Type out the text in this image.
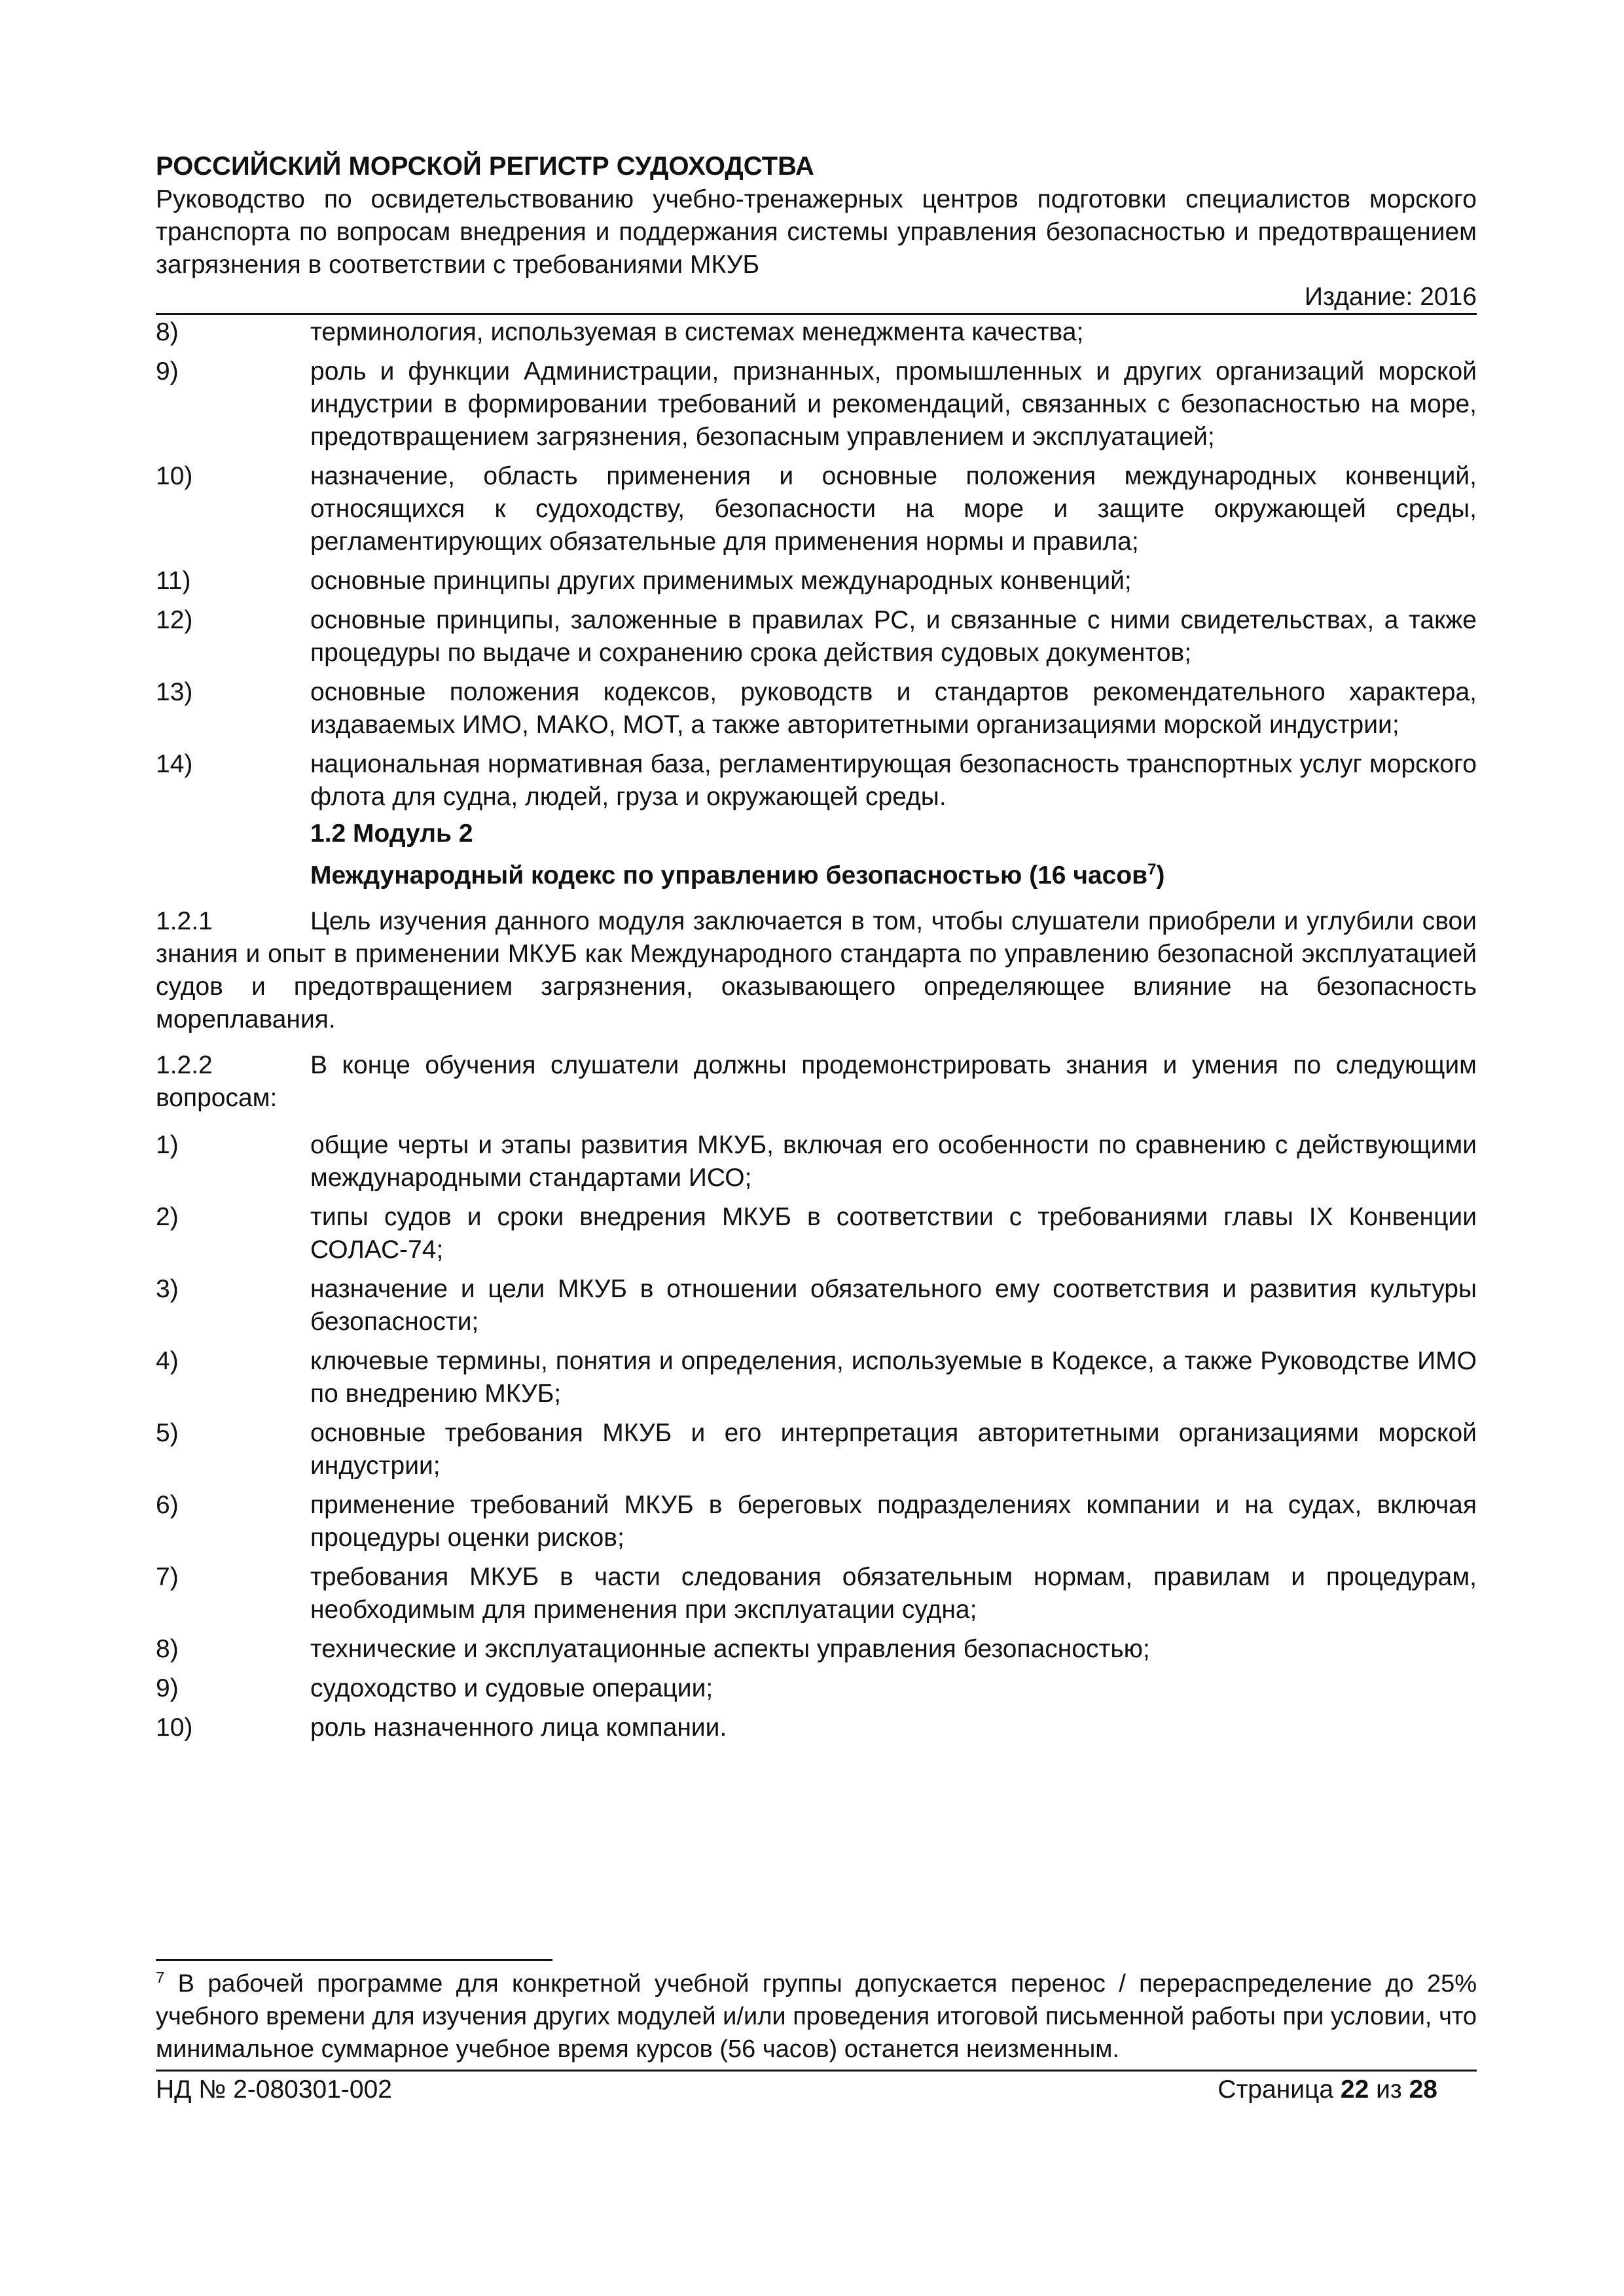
РОССИЙСКИЙ МОРСКОЙ РЕГИСТР СУДОХОДСТВА
Руководство по освидетельствованию учебно-тренажерных центров подготовки специалистов морского транспорта по вопросам внедрения и поддержания системы управления безопасностью и предотвращением загрязнения в соответствии с требованиями МКУБ
Издание: 2016
8)	терминология, используемая в системах менеджмента качества;
9)	роль и функции Администрации, признанных, промышленных и других организаций морской индустрии в формировании требований и рекомендаций, связанных с безопасностью на море, предотвращением загрязнения, безопасным управлением и эксплуатацией;
10)	назначение, область применения и основные положения международных конвенций, относящихся к судоходству, безопасности на море и защите окружающей среды, регламентирующих обязательные для применения нормы и правила;
11)	основные принципы других применимых международных конвенций;
12)	основные принципы, заложенные в правилах РС, и связанные с ними свидетельствах, а также процедуры по выдаче и сохранению срока действия судовых документов;
13)	основные положения кодексов, руководств и стандартов рекомендательного характера, издаваемых ИМО, МАКО, МОТ, а также авторитетными организациями морской индустрии;
14)	национальная нормативная база, регламентирующая безопасность транспортных услуг морского флота для судна, людей, груза и окружающей среды.
1.2 Модуль 2
Международный кодекс по управлению безопасностью (16 часов$^7$)
1.2.1	Цель изучения данного модуля заключается в том, чтобы слушатели приобрели и углубили свои знания и опыт в применении МКУБ как Международного стандарта по управлению безопасной эксплуатацией судов и предотвращением загрязнения, оказывающего определяющее влияние на безопасность мореплавания.
1.2.2	В конце обучения слушатели должны продемонстрировать знания и умения по следующим вопросам:
1)	общие черты и этапы развития МКУБ, включая его особенности по сравнению с действующими международными стандартами ИСО;
2)	типы судов и сроки внедрения МКУБ в соответствии с требованиями главы IX Конвенции СОЛАС-74;
3)	назначение и цели МКУБ в отношении обязательного ему соответствия и развития культуры безопасности;
4)	ключевые термины, понятия и определения, используемые в Кодексе, а также Руководстве ИМО по внедрению МКУБ;
5)	основные требования МКУБ и его интерпретация авторитетными организациями морской индустрии;
6)	применение требований МКУБ в береговых подразделениях компании и на судах, включая процедуры оценки рисков;
7)	требования МКУБ в части следования обязательным нормам, правилам и процедурам, необходимым для применения при эксплуатации судна;
8)	технические и эксплуатационные аспекты управления безопасностью;
9)	судоходство и судовые операции;
10)	роль назначенного лица компании.
$^7$ В рабочей программе для конкретной учебной группы допускается перенос / перераспределение до 25% учебного времени для изучения других модулей и/или проведения итоговой письменной работы при условии, что минимальное суммарное учебное время курсов (56 часов) останется неизменным.
НД № 2-080301-002	Страница 22 из 28
